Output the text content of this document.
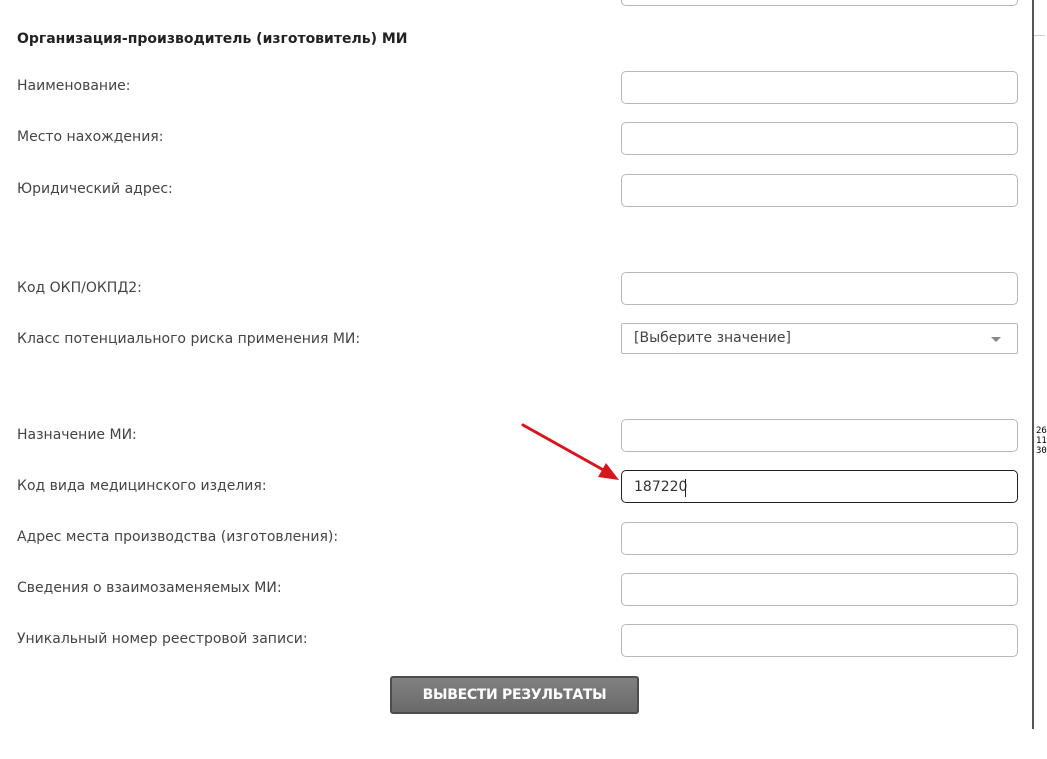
Организация-производитель (изготовитель) МИ
Наименование:
Место нахождения:
Юридический адрес:
Код ОКП/ОКПД2:
Класс потенциального риска применения МИ:	[Выберите значение]
Назначение МИ:
Код вида медицинского изделия:
187220
Адрес места производства (изготовления):
Сведения о взаимозаменяемых МИ:
Уникальный номер реестровой записи:
ВЫВЕСТИ РЕЗУЛЬТАТЫ
26
11
30
